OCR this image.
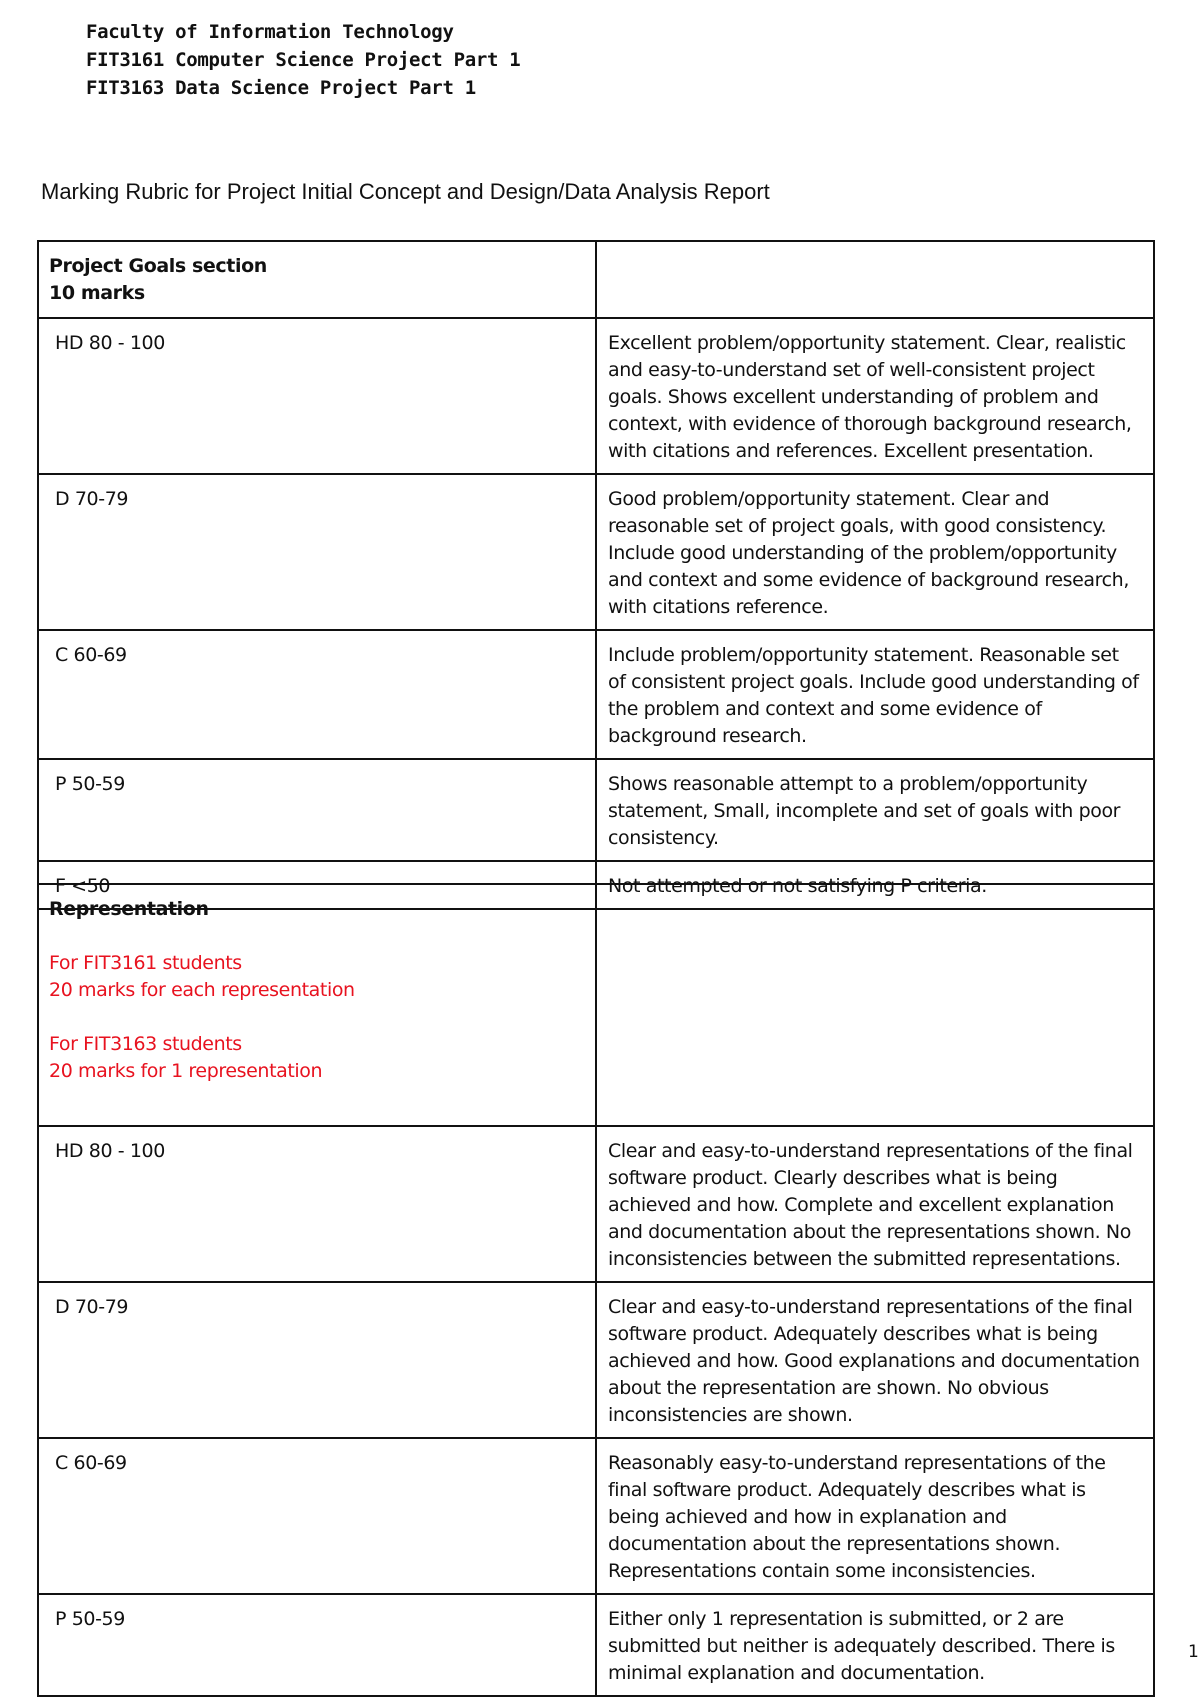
Faculty of Information Technology
FIT3161 Computer Science Project Part 1
FIT3163 Data Science Project Part 1
Marking Rubric for Project Initial Concept and Design/Data Analysis Report
Project Goals section
10 marks	

HD 80 - 100	Excellent problem/opportunity statement. Clear, realistic and easy-to-understand set of well-consistent project goals. Shows excellent understanding of problem and context, with evidence of thorough background research, with citations and references. Excellent presentation.
D 70-79	Good problem/opportunity statement. Clear and reasonable set of project goals, with good consistency. Include good understanding of the problem/opportunity and context and some evidence of background research, with citations reference.
C 60-69	Include problem/opportunity statement. Reasonable set of consistent project goals. Include good understanding of the problem and context and some evidence of background research.
P 50-59	Shows reasonable attempt to a problem/opportunity statement, Small, incomplete and set of goals with poor consistency.
F <50	Not attempted or not satisfying P criteria.
Representation
For FIT3161 students
20 marks for each representation
For FIT3163 students
20 marks for 1 representation	

HD 80 - 100	Clear and easy-to-understand representations of the final software product. Clearly describes what is being achieved and how. Complete and excellent explanation and documentation about the representations shown. No inconsistencies between the submitted representations.
D 70-79	Clear and easy-to-understand representations of the final software product. Adequately describes what is being achieved and how. Good explanations and documentation about the representation are shown. No obvious inconsistencies are shown.
C 60-69	Reasonably easy-to-understand representations of the final software product. Adequately describes what is being achieved and how in explanation and documentation about the representations shown. Representations contain some inconsistencies.
P 50-59	Either only 1 representation is submitted, or 2 are submitted but neither is adequately described. There is minimal explanation and documentation.
1
